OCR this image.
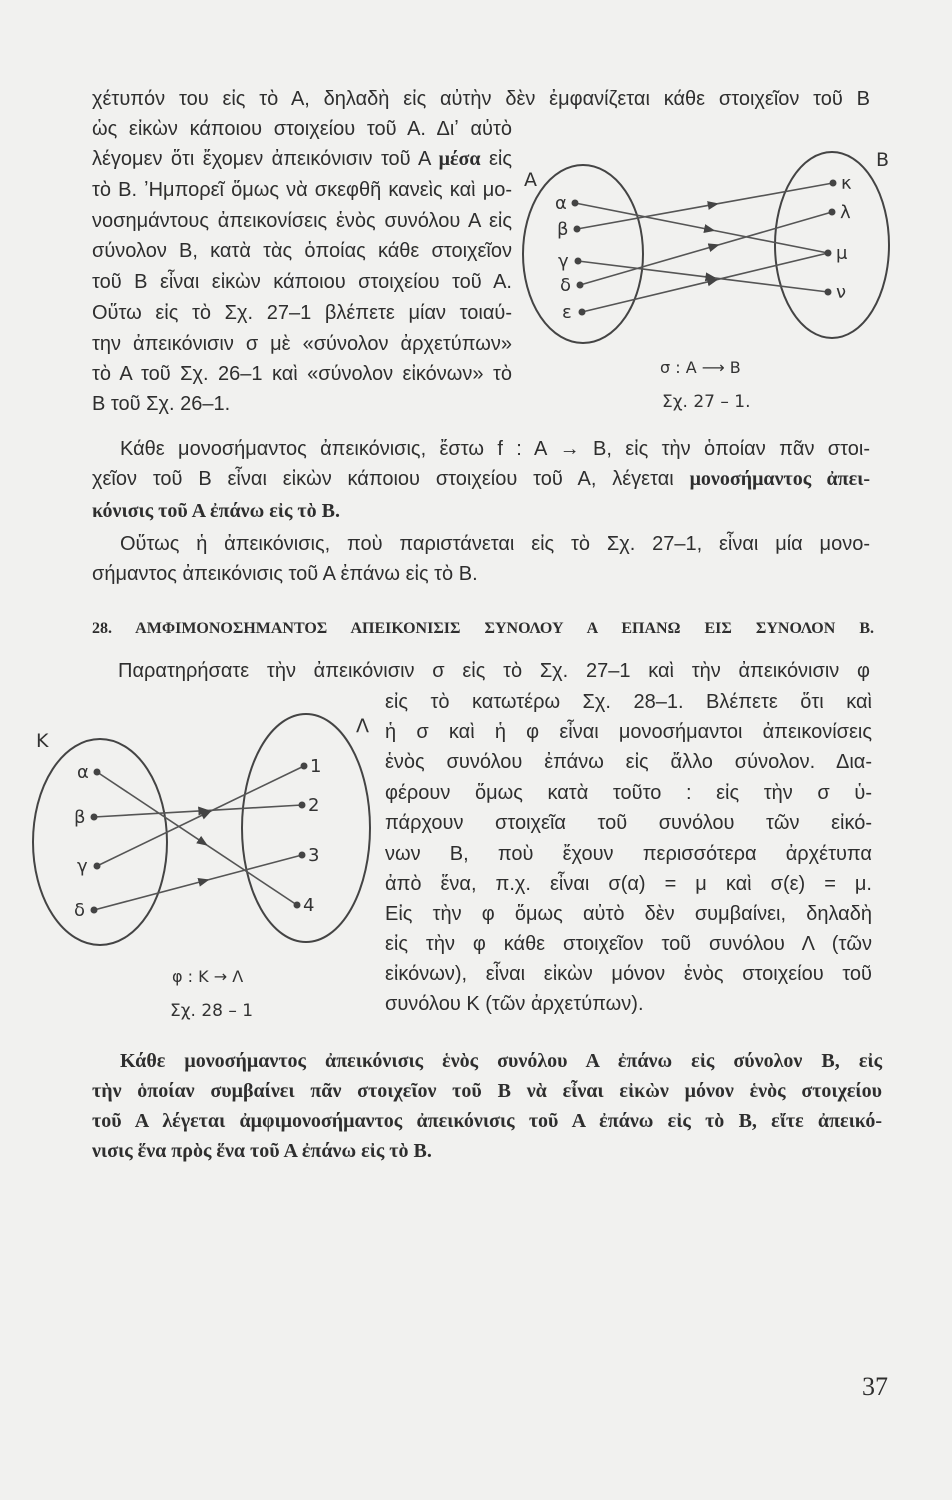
χέτυπόν του εἰς τὸ Α, δηλαδὴ εἰς αὐτὴν δὲν ἐμφανίζεται κάθε στοιχεῖον τοῦ Β
ὡς εἰκὼν κάποιου στοιχείου τοῦ Α. Διʼ αὐτὸ
λέγομεν ὅτι ἔχομεν ἀπεικόνισιν τοῦ Α μέσα εἰς
τὸ Β. ʼΗμπορεῖ ὅμως νὰ σκεφθῆ κανεὶς καὶ μο-
νοσημάντους ἀπεικονίσεις ἑνὸς συνόλου Α εἰς
σύνολον Β, κατὰ τὰς ὁποίας κάθε στοιχεῖον
τοῦ Β εἶναι εἰκὼν κάποιου στοιχείου τοῦ Α.
Οὕτω εἰς τὸ Σχ. 27–1 βλέπετε μίαν τοιαύ-
την ἀπεικόνισιν σ μὲ «σύνολον ἀρχετύπων»
τὸ Α τοῦ Σχ. 26–1 καὶ «σύνολον εἰκόνων» τὸ
Β τοῦ Σχ. 26–1.
Κάθε μονοσήμαντος ἀπεικόνισις, ἔστω f : A → B, εἰς τὴν ὁποίαν πᾶν στοι-
χεῖον τοῦ Β εἶναι εἰκὼν κάποιου στοιχείου τοῦ Α, λέγεται μονοσήμαντος ἀπει-
κόνισις τοῦ Α ἐπάνω εἰς τὸ Β.
Οὕτως ἡ ἀπεικόνισις, ποὺ παριστάνεται εἰς τὸ Σχ. 27–1, εἶναι μία μονο-
σήμαντος ἀπεικόνισις τοῦ Α ἐπάνω εἰς τὸ Β.
28. ΑΜΦΙΜΟΝΟΣΗΜΑΝΤΟΣ ΑΠΕΙΚΟΝΙΣΙΣ ΣΥΝΟΛΟΥ Α ΕΠΑΝΩ ΕΙΣ ΣΥΝΟΛΟΝ Β.
Παρατηρήσατε τὴν ἀπεικόνισιν σ εἰς τὸ Σχ. 27–1 καὶ τὴν ἀπεικόνισιν φ
εἰς τὸ κατωτέρω Σχ. 28–1. Βλέπετε ὅτι καὶ
ἡ σ καὶ ἡ φ εἶναι μονοσήμαντοι ἀπεικονίσεις
ἑνὸς συνόλου ἐπάνω εἰς ἄλλο σύνολον. Δια-
φέρουν ὅμως κατὰ τοῦτο : εἰς τὴν σ ὑ-
πάρχουν στοιχεῖα τοῦ συνόλου τῶν εἰκό-
νων Β, ποὺ ἔχουν περισσότερα ἀρχέτυπα
ἀπὸ ἕνα, π.χ. εἶναι σ(α) = μ καὶ σ(ε) = μ.
Εἰς τὴν φ ὅμως αὐτὸ δὲν συμβαίνει, δηλαδὴ
εἰς τὴν φ κάθε στοιχεῖον τοῦ συνόλου Λ (τῶν
εἰκόνων), εἶναι εἰκὼν μόνον ἑνὸς στοιχείου τοῦ
συνόλου Κ (τῶν ἀρχετύπων).
Κάθε μονοσήμαντος ἀπεικόνισις ἑνὸς συνόλου Α ἐπάνω εἰς σύνολον Β, εἰς
τὴν ὁποίαν συμβαίνει πᾶν στοιχεῖον τοῦ Β νὰ εἶναι εἰκὼν μόνον ἑνὸς στοιχείου
τοῦ Α λέγεται ἀμφιμονοσήμαντος ἀπεικόνισις τοῦ Α ἐπάνω εἰς τὸ Β, εἴτε ἀπεικό-
νισις ἕνα πρὸς ἕνα τοῦ Α ἐπάνω εἰς τὸ Β.
A
B
σ : A ⟶ B
Σχ. 27 – 1.
α
β
γ
δ
ε
κ
λ
μ
ν
K
Λ
φ : K → Λ
Σχ. 28 – 1
α
β
γ
δ
1
2
3
4
37
